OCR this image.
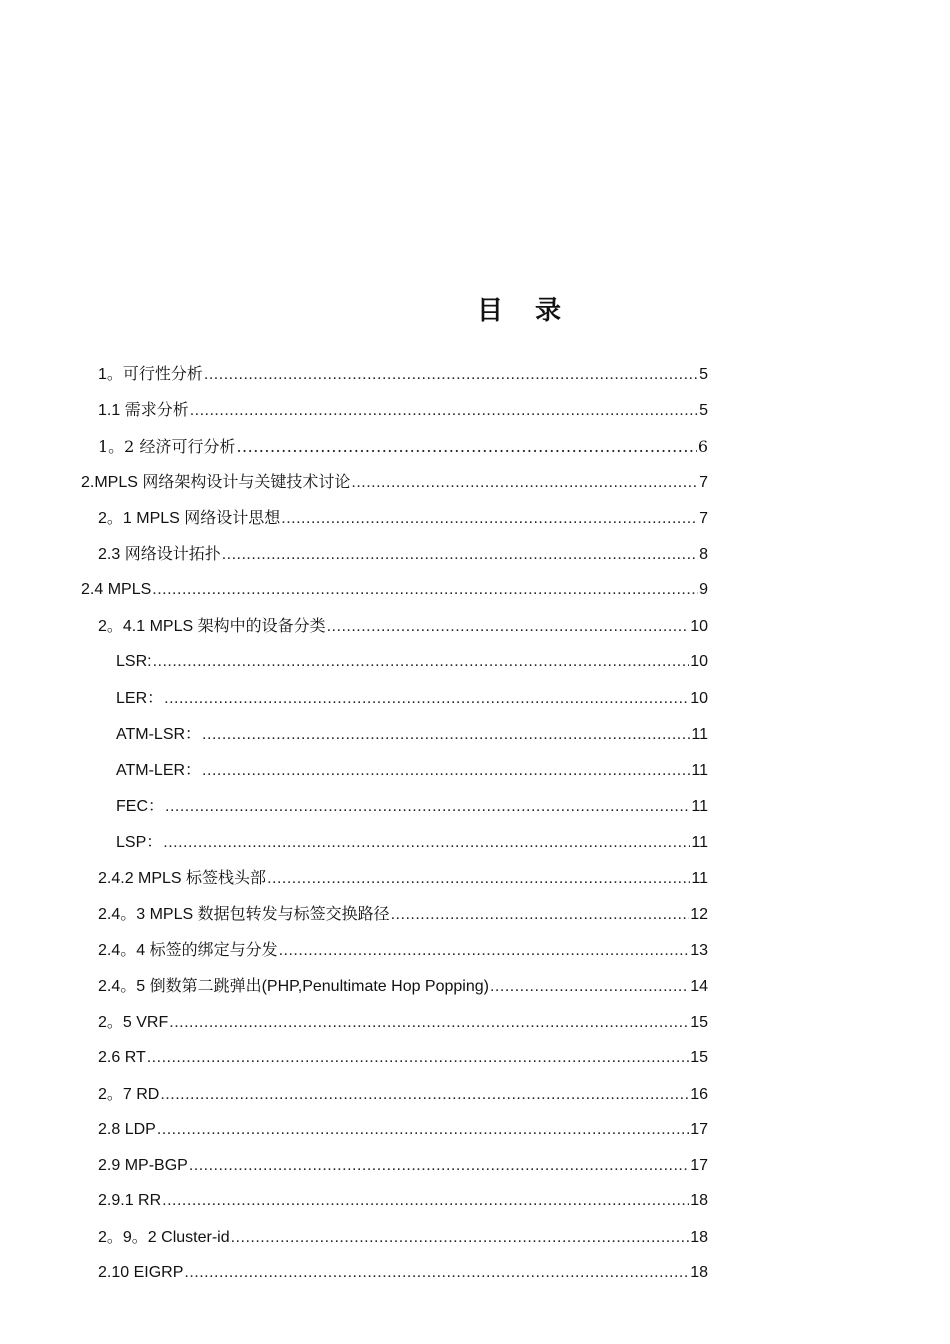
目 录
1。可行性分析 .....	5
1.1 需求分析 .....	5
1。2 经济可行分析 .....	6
2.MPLS 网络架构设计与关键技术讨论 .....	7
2。1 MPLS 网络设计思想 .....	7
2.3 网络设计拓扑 .....	8
2.4 MPLS .....	9
2。4.1 MPLS 架构中的设备分类 .....	10
LSR: .....	10
LER： .....	10
ATM-LSR： .....	11
ATM-LER： .....	11
FEC： .....	11
LSP： .....	11
2.4.2 MPLS 标签栈头部 .....	11
2.4。3 MPLS 数据包转发与标签交换路径 .....	12
2.4。4 标签的绑定与分发 .....	13
2.4。5 倒数第二跳弹出(PHP,Penultimate Hop Popping) .....	14
2。5 VRF .....	15
2.6 RT .....	15
2。7 RD .....	16
2.8 LDP .....	17
2.9 MP-BGP .....	17
2.9.1 RR .....	18
2。9。2 Cluster-id .....	18
2.10 EIGRP .....	18
